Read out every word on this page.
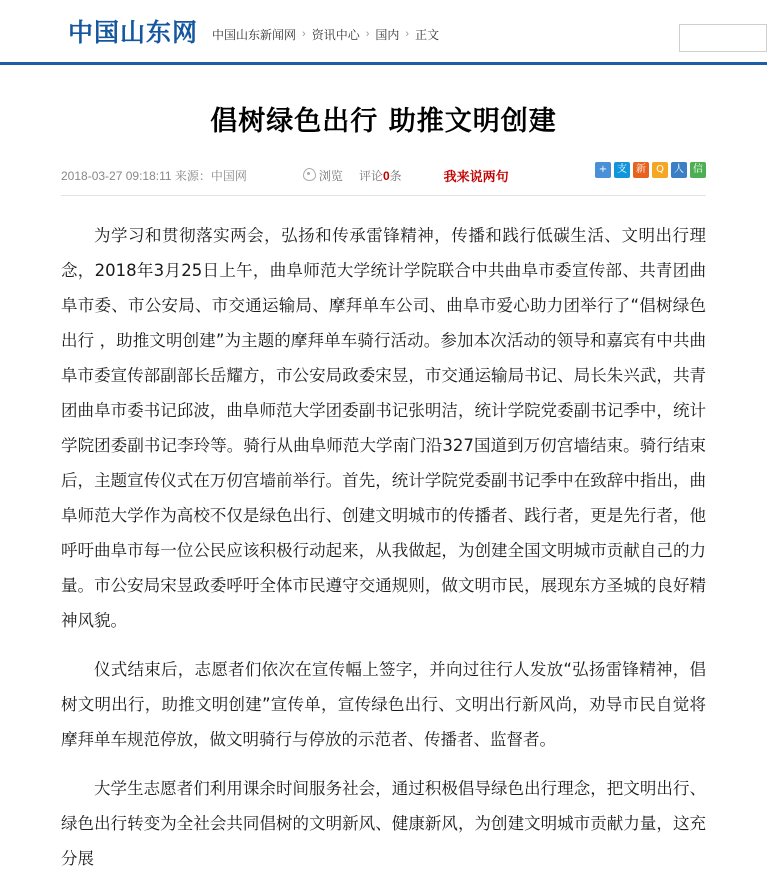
中国山东网 中国山东新闻网 › 资讯中心 › 国内 › 正文
倡树绿色出行 助推文明创建
2018-03-27 09:18:11 来源：中国网	浏览 评论0条	我来说两句	+ 支 新	Q	人 信

为学习和贯彻落实两会，弘扬和传承雷锋精神，传播和践行低碳生活、文明出行理念，2018年3月25日上午，曲阜师范大学统计学院联合中共曲阜市委宣传部、共青团曲阜市委、市公安局、市交通运输局、摩拜单车公司、曲阜市爱心助力团举行了“倡树绿色出行 ，助推文明创建”为主题的摩拜单车骑行活动。参加本次活动的领导和嘉宾有中共曲阜市委宣传部副部长岳耀方，市公安局政委宋昱，市交通运输局书记、局长朱兴武，共青团曲阜市委书记邱波，曲阜师范大学团委副书记张明洁，统计学院党委副书记季中，统计学院团委副书记李玲等。骑行从曲阜师范大学南门沿327国道到万仞宫墙结束。骑行结束后，主题宣传仪式在万仞宫墙前举行。首先，统计学院党委副书记季中在致辞中指出，曲阜师范大学作为高校不仅是绿色出行、创建文明城市的传播者、践行者，更是先行者，他呼吁曲阜市每一位公民应该积极行动起来，从我做起，为创建全国文明城市贡献自己的力量。市公安局宋昱政委呼吁全体市民遵守交通规则，做文明市民，展现东方圣城的良好精神风貌。

仪式结束后，志愿者们依次在宣传幅上签字，并向过往行人发放“弘扬雷锋精神，倡树文明出行，助推文明创建”宣传单，宣传绿色出行、文明出行新风尚，劝导市民自觉将摩拜单车规范停放，做文明骑行与停放的示范者、传播者、监督者。

大学生志愿者们利用课余时间服务社会，通过积极倡导绿色出行理念，把文明出行、绿色出行转变为全社会共同倡树的文明新风、健康新风，为创建文明城市贡献力量，这充分展
